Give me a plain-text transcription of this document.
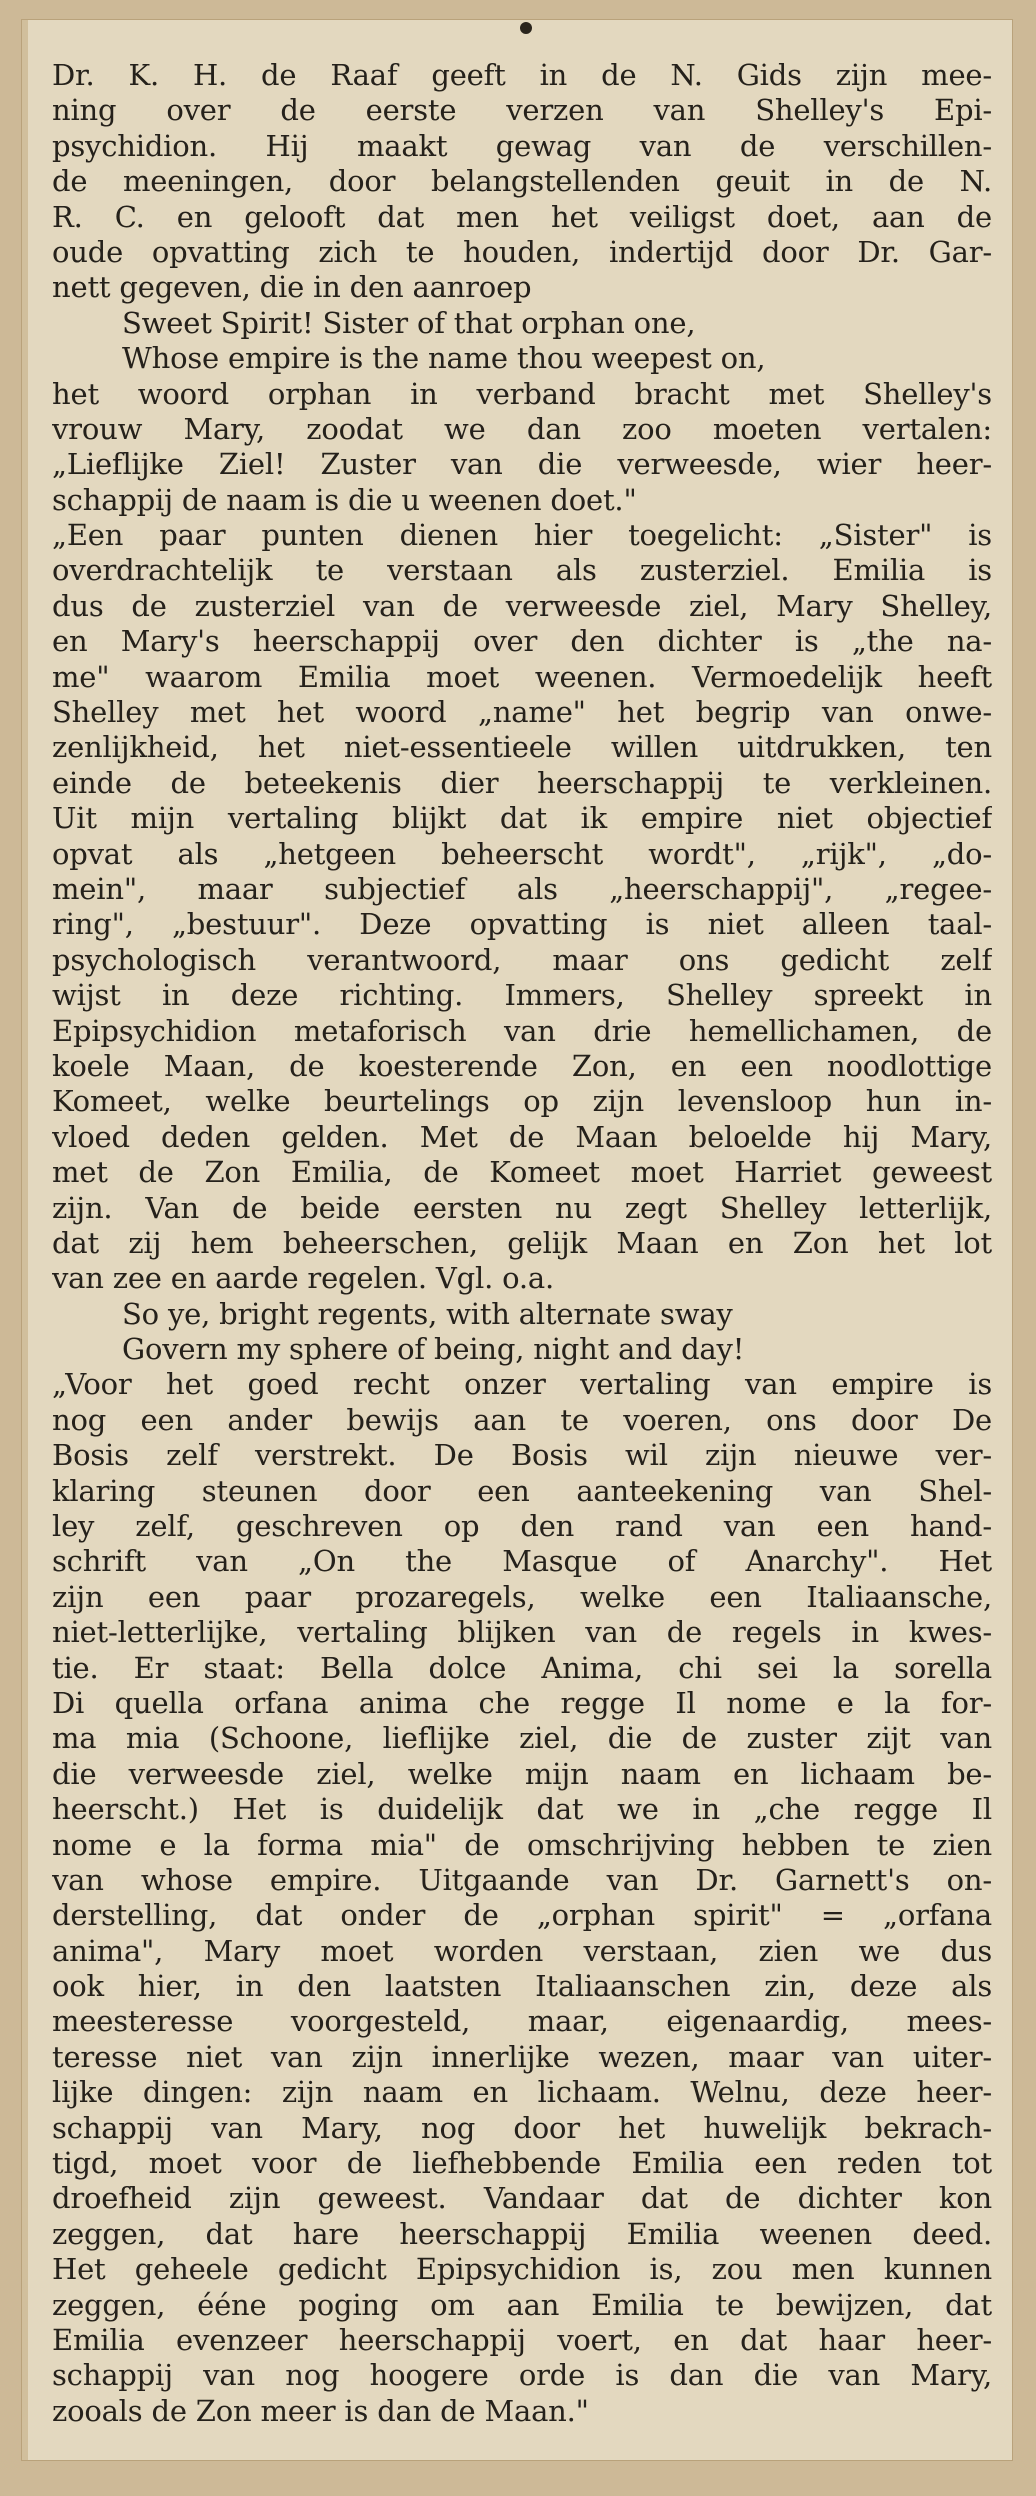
Dr. K. H. de Raaf geeft in de N. Gids zijn mee-
ning over de eerste verzen van Shelley's Epi-
psychidion. Hij maakt gewag van de verschillen-
de meeningen, door belangstellenden geuit in de N.
R. C. en gelooft dat men het veiligst doet, aan de
oude opvatting zich te houden, indertijd door Dr. Gar-
nett gegeven, die in den aanroep
Sweet Spirit! Sister of that orphan one,
Whose empire is the name thou weepest on,
het woord orphan in verband bracht met Shelley's
vrouw Mary, zoodat we dan zoo moeten vertalen:
„Lieflijke Ziel! Zuster van die verweesde, wier heer-
schappij de naam is die u weenen doet."
„Een paar punten dienen hier toegelicht: „Sister" is
overdrachtelijk te verstaan als zusterziel. Emilia is
dus de zusterziel van de verweesde ziel, Mary Shelley,
en Mary's heerschappij over den dichter is „the na-
me" waarom Emilia moet weenen. Vermoedelijk heeft
Shelley met het woord „name" het begrip van onwe-
zenlijkheid, het niet-essentieele willen uitdrukken, ten
einde de beteekenis dier heerschappij te verkleinen.
Uit mijn vertaling blijkt dat ik empire niet objectief
opvat als „hetgeen beheerscht wordt", „rijk", „do-
mein", maar subjectief als „heerschappij", „regee-
ring", „bestuur". Deze opvatting is niet alleen taal-
psychologisch verantwoord, maar ons gedicht zelf
wijst in deze richting. Immers, Shelley spreekt in
Epipsychidion metaforisch van drie hemellichamen, de
koele Maan, de koesterende Zon, en een noodlottige
Komeet, welke beurtelings op zijn levensloop hun in-
vloed deden gelden. Met de Maan beloelde hij Mary,
met de Zon Emilia, de Komeet moet Harriet geweest
zijn. Van de beide eersten nu zegt Shelley letterlijk,
dat zij hem beheerschen, gelijk Maan en Zon het lot
van zee en aarde regelen. Vgl. o.a.
So ye, bright regents, with alternate sway
Govern my sphere of being, night and day!
„Voor het goed recht onzer vertaling van empire is
nog een ander bewijs aan te voeren, ons door De
Bosis zelf verstrekt. De Bosis wil zijn nieuwe ver-
klaring steunen door een aanteekening van Shel-
ley zelf, geschreven op den rand van een hand-
schrift van „On the Masque of Anarchy". Het
zijn een paar prozaregels, welke een Italiaansche,
niet-letterlijke, vertaling blijken van de regels in kwes-
tie. Er staat: Bella dolce Anima, chi sei la sorella
Di quella orfana anima che regge Il nome e la for-
ma mia (Schoone, lieflijke ziel, die de zuster zijt van
die verweesde ziel, welke mijn naam en lichaam be-
heerscht.) Het is duidelijk dat we in „che regge Il
nome e la forma mia" de omschrijving hebben te zien
van whose empire. Uitgaande van Dr. Garnett's on-
derstelling, dat onder de „orphan spirit" = „orfana
anima", Mary moet worden verstaan, zien we dus
ook hier, in den laatsten Italiaanschen zin, deze als
meesteresse voorgesteld, maar, eigenaardig, mees-
teresse niet van zijn innerlijke wezen, maar van uiter-
lijke dingen: zijn naam en lichaam. Welnu, deze heer-
schappij van Mary, nog door het huwelijk bekrach-
tigd, moet voor de liefhebbende Emilia een reden tot
droefheid zijn geweest. Vandaar dat de dichter kon
zeggen, dat hare heerschappij Emilia weenen deed.
Het geheele gedicht Epipsychidion is, zou men kunnen
zeggen, ééne poging om aan Emilia te bewijzen, dat
Emilia evenzeer heerschappij voert, en dat haar heer-
schappij van nog hoogere orde is dan die van Mary,
zooals de Zon meer is dan de Maan."
